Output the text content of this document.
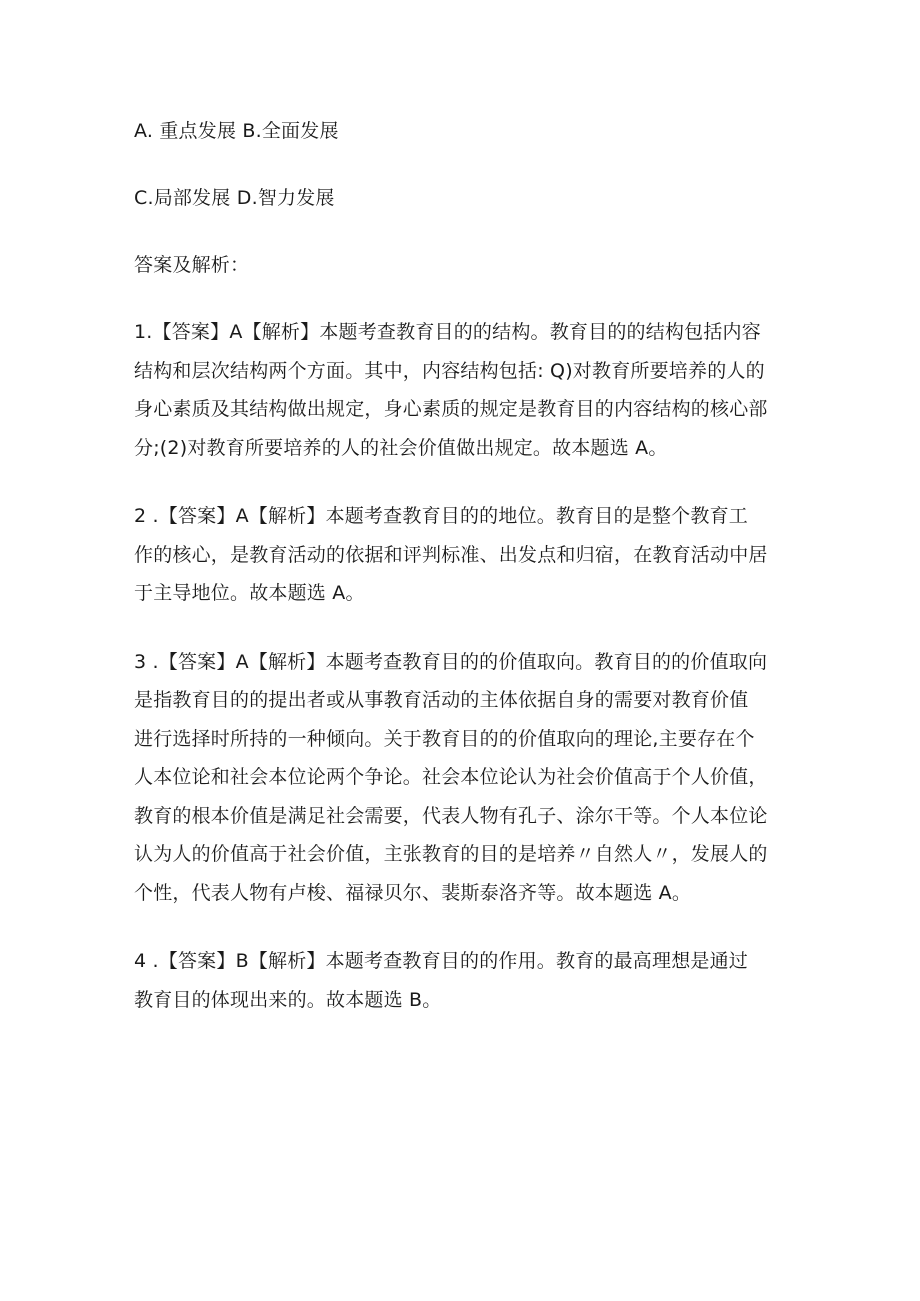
A. 重点发展 B.全面发展
C.局部发展 D.智力发展
答案及解析：
1.【答案】A【解析】本题考查教育目的的结构。教育目的的结构包括内容
结构和层次结构两个方面。其中，内容结构包括: Q)对教育所要培养的人的
身心素质及其结构做出规定，身心素质的规定是教育目的内容结构的核心部
分;(2)对教育所要培养的人的社会价值做出规定。故本题选 A。
2 .【答案】A【解析】本题考查教育目的的地位。教育目的是整个教育工
作的核心，是教育活动的依据和评判标准、出发点和归宿，在教育活动中居
于主导地位。故本题选 A。
3 .【答案】A【解析】本题考查教育目的的价值取向。教育目的的价值取向
是指教育目的的提出者或从事教育活动的主体依据自身的需要对教育价值
进行选择时所持的一种倾向。关于教育目的的价值取向的理论,主要存在个
人本位论和社会本位论两个争论。社会本位论认为社会价值高于个人价值，
教育的根本价值是满足社会需要，代表人物有孔子、涂尔干等。个人本位论
认为人的价值高于社会价值，主张教育的目的是培养〃自然人〃，发展人的
个性，代表人物有卢梭、福禄贝尔、裴斯泰洛齐等。故本题选 A。
4 .【答案】B【解析】本题考查教育目的的作用。教育的最高理想是通过
教育目的体现出来的。故本题选 B。
